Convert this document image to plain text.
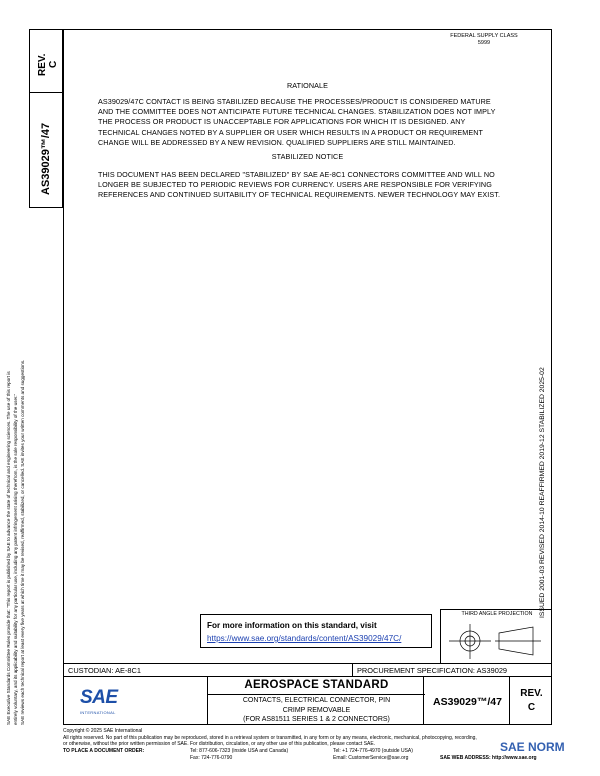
SAE Executive Standards Committee Rules provide that: "This report is published by SAE to advance the state of technical and engineering sciences. The use of this report is entirely voluntary, and its applicability and suitability for any particular use, including any patent infringement arising therefrom, is the sole responsibility of the user." SAE reviews each technical report at least every five years at which time it may be revised, reaffirmed, stabilized, or cancelled. SAE invites your written comments and suggestions.
REV. C
AS39029™/47
FEDERAL SUPPLY CLASS
5999
RATIONALE
AS39029/47C CONTACT IS BEING STABILIZED BECAUSE THE PROCESSES/PRODUCT IS CONSIDERED MATURE
AND THE COMMITTEE DOES NOT ANTICIPATE FUTURE TECHNICAL CHANGES. STABILIZATION DOES NOT IMPLY
THE PROCESS OR PRODUCT IS UNACCEPTABLE FOR APPLICATIONS FOR WHICH IT IS DESIGNED. ANY
TECHNICAL CHANGES NOTED BY A SUPPLIER OR USER WHICH RESULTS IN A PRODUCT OR REQUIREMENT
CHANGE WILL BE ADDRESSED BY A NEW REVISION. QUALIFIED SUPPLIERS ARE STILL MAINTAINED.
STABILIZED NOTICE
THIS DOCUMENT HAS BEEN DECLARED "STABILIZED" BY SAE AE-8C1 CONNECTORS COMMITTEE AND WILL NO
LONGER BE SUBJECTED TO PERIODIC REVIEWS FOR CURRENCY. USERS ARE RESPONSIBLE FOR VERIFYING
REFERENCES AND CONTINUED SUITABILITY OF TECHNICAL REQUIREMENTS. NEWER TECHNOLOGY MAY EXIST.
ISSUED 2001-03 REVISED 2014-10 REAFFIRMED 2019-12 STABILIZED 2025-02
For more information on this standard, visit
https://www.sae.org/standards/content/AS39029/47C/
THIRD ANGLE PROJECTION
CUSTODIAN: AE-8C1	PROCUREMENT SPECIFICATION: AS39029
SAE
INTERNATIONAL
AEROSPACE STANDARD
CONTACTS, ELECTRICAL CONNECTOR, PIN
CRIMP REMOVABLE
(FOR AS81511 SERIES 1 & 2 CONNECTORS)
AS39029™/47
REV.
C
Copyright © 2025 SAE International
All rights reserved. No part of this publication may be reproduced, stored in a retrieval system or transmitted, in any form or by any means, electronic, mechanical, photocopying, recording,
or otherwise, without the prior written permission of SAE. For distribution, circulation, or any other use of this publication, please contact SAE.
TO PLACE A DOCUMENT ORDER:	Tel: 877-606-7323 (inside USA and Canada)	Tel: +1 724-776-4970 (outside USA)
Fax: 724-776-0790	Email: CustomerService@sae.org	SAE WEB ADDRESS: http://www.sae.org
SAE NORM
